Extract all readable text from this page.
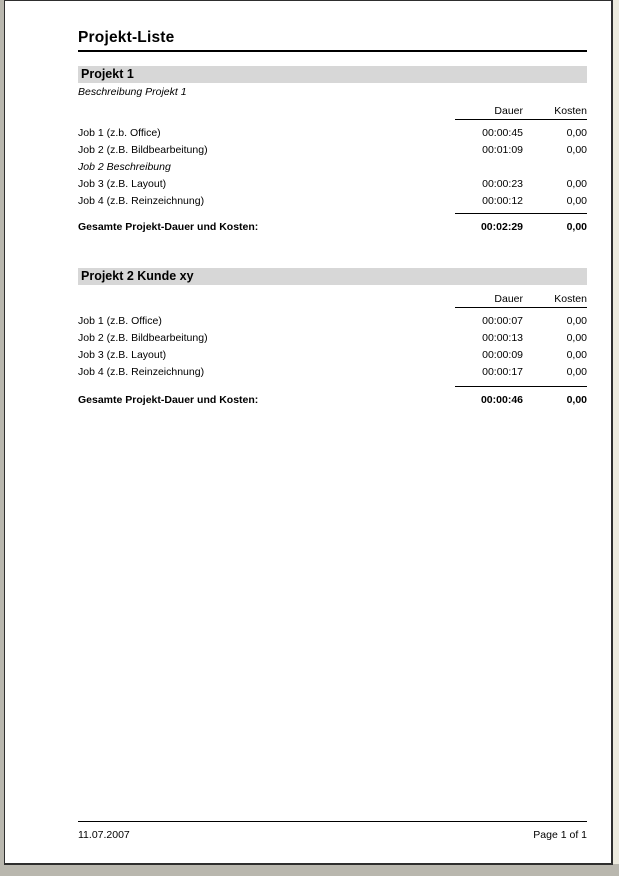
Projekt-Liste
Projekt 1
Beschreibung Projekt 1
Dauer	Kosten
Job 1 (z.b. Office)	00:00:45	0,00
Job 2 (z.B. Bildbearbeitung)	00:01:09	0,00
Job 2 Beschreibung
Job 3 (z.B. Layout)	00:00:23	0,00
Job 4 (z.B. Reinzeichnung)	00:00:12	0,00
Gesamte Projekt-Dauer und Kosten:	00:02:29	0,00
Projekt 2 Kunde xy
Dauer	Kosten
Job 1 (z.B. Office)	00:00:07	0,00
Job 2 (z.B. Bildbearbeitung)	00:00:13	0,00
Job 3 (z.B. Layout)	00:00:09	0,00
Job 4 (z.B. Reinzeichnung)	00:00:17	0,00
Gesamte Projekt-Dauer und Kosten:	00:00:46	0,00
11.07.2007	Page 1 of 1
